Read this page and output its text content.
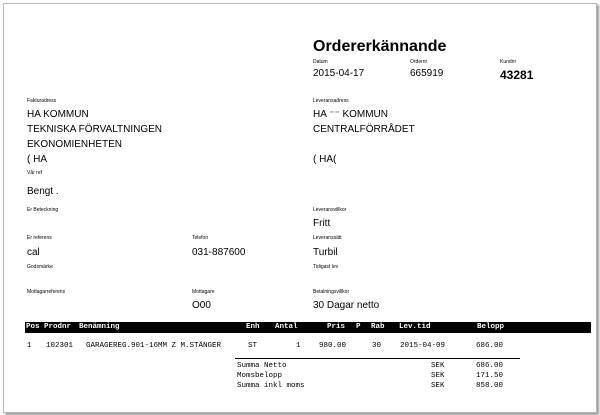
Ordererkännande
Datum
2015-04-17
Ordernr
665919
Kundnr
43281
Fakturadress
HA KOMMUN
TEKNISKA FÖRVALTNINGEN
EKONOMIENHETEN
( HA
Leveransadress
HA ⁻⁻ KOMMUN
CENTRALFÖRRÅDET
( HA(
Vår ref
Bengt .
Er Beteckning	Leveransvillkor
Fritt
Er referens
cal
Telefon
031-887600
Leveranssätt
Turbil
Godsmärke	Tidigast lev
Mottagarreferens	Mottagare
O00
Betalningsvillkor
30 Dagar netto
Pos Prodnr Benämning	Enh Antal	Pris P Rab Lev.tid	Belopp
1 102301 GARAGEREG.901-16MM Z M.STÄNGER	ST	1 980.00	30	2015-04-09	686.00
Summa Netto	SEK	686.00
Momsbelopp	SEK	171.50
Summa inkl moms	SEK	858.00
